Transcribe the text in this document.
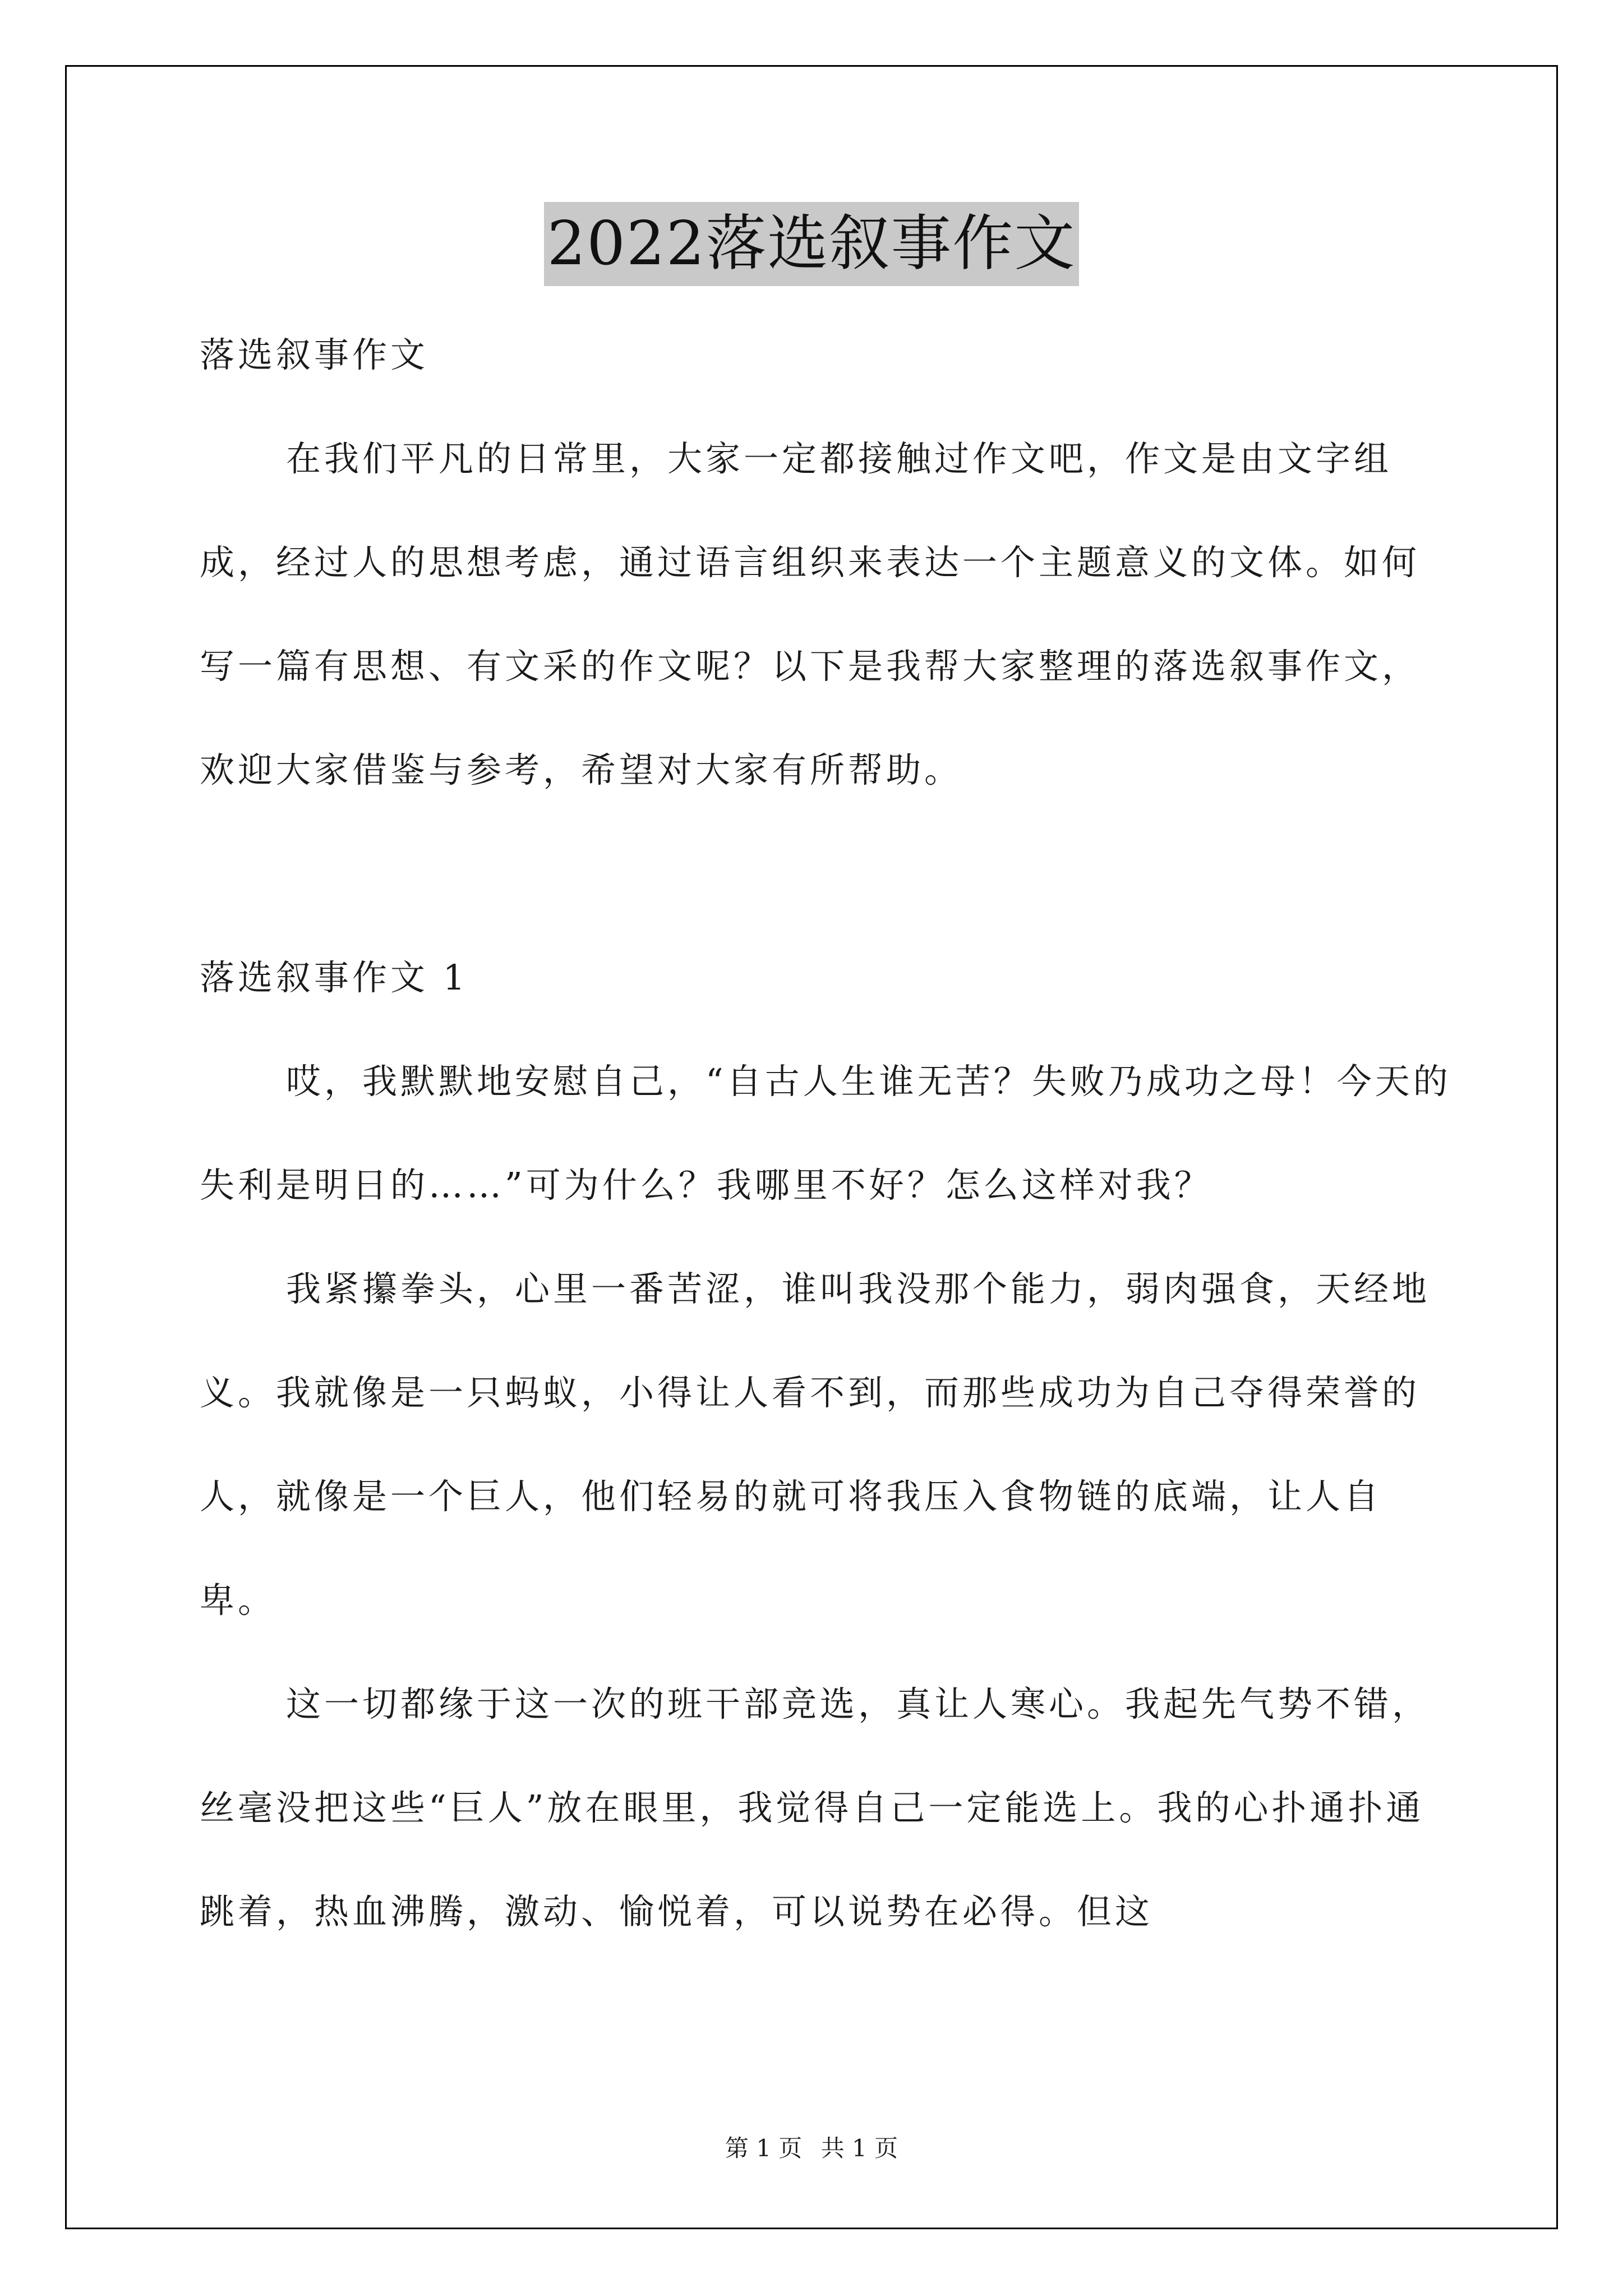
2022落选叙事作文

落选叙事作文

在我们平凡的日常里，大家一定都接触过作文吧，作文是由文字组成，经过人的思想考虑，通过语言组织来表达一个主题意义的文体。如何写一篇有思想、有文采的作文呢？以下是我帮大家整理的落选叙事作文，欢迎大家借鉴与参考，希望对大家有所帮助。

落选叙事作文 1

哎，我默默地安慰自己，“自古人生谁无苦？失败乃成功之母！今天的失利是明日的……”可为什么？我哪里不好？怎么这样对我？

我紧攥拳头，心里一番苦涩，谁叫我没那个能力，弱肉强食，天经地义。我就像是一只蚂蚁，小得让人看不到，而那些成功为自己夺得荣誉的人，就像是一个巨人，他们轻易的就可将我压入食物链的底端，让人自卑。

这一切都缘于这一次的班干部竞选，真让人寒心。我起先气势不错，丝毫没把这些“巨人”放在眼里，我觉得自己一定能选上。我的心扑通扑通跳着，热血沸腾，激动、愉悦着，可以说势在必得。但这

第 1 页 共 1 页
